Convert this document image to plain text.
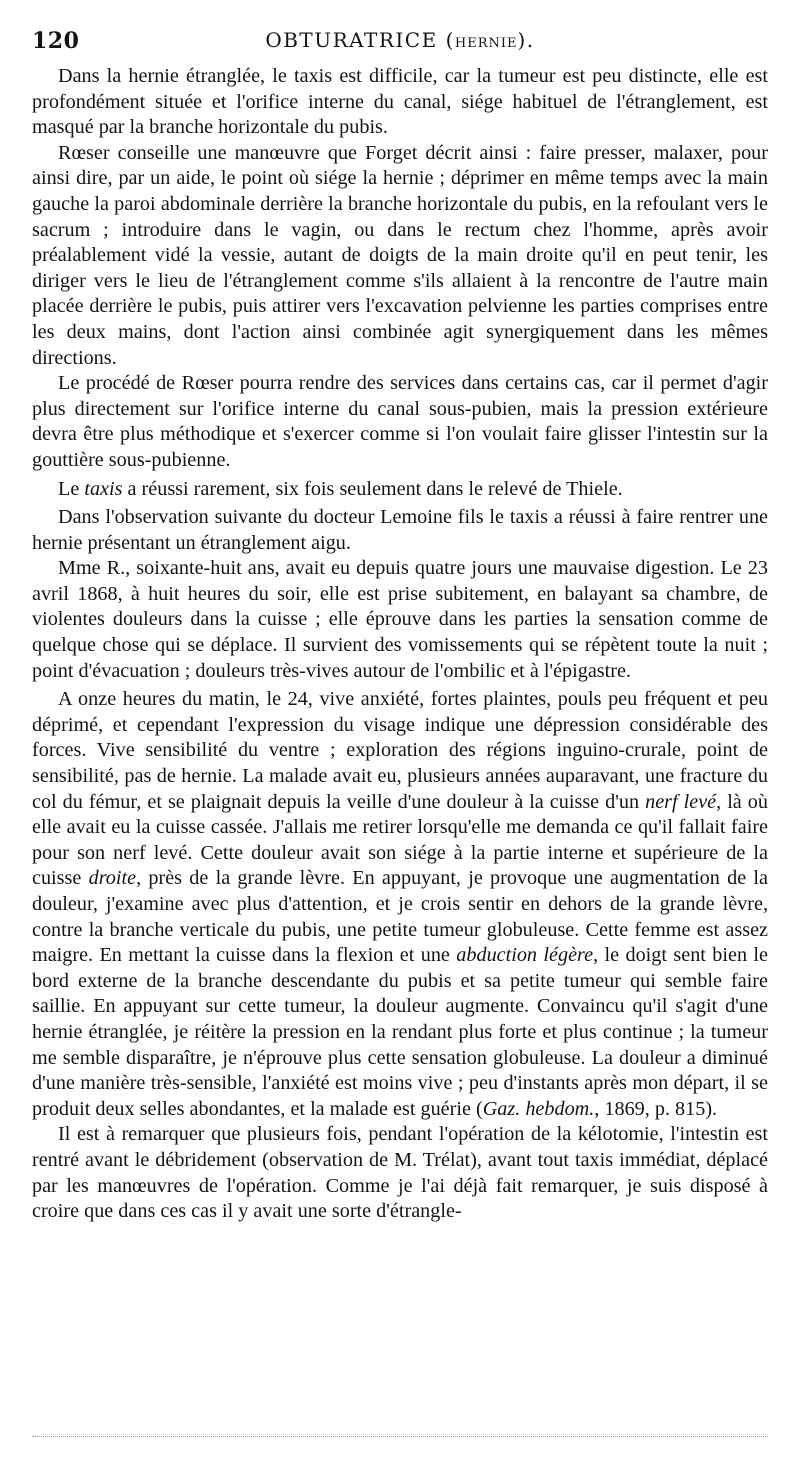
120	OBTURATRICE (HERNIE).

Dans la hernie étranglée, le taxis est difficile, car la tumeur est peu distincte, elle est profondément située et l'orifice interne du canal, siége habituel de l'étranglement, est masqué par la branche horizontale du pubis.

Rœser conseille une manœuvre que Forget décrit ainsi : faire presser, malaxer, pour ainsi dire, par un aide, le point où siége la hernie ; déprimer en même temps avec la main gauche la paroi abdominale derrière la branche horizontale du pubis, en la refoulant vers le sacrum ; introduire dans le vagin, ou dans le rectum chez l'homme, après avoir préalablement vidé la vessie, autant de doigts de la main droite qu'il en peut tenir, les diriger vers le lieu de l'étranglement comme s'ils allaient à la rencontre de l'autre main placée derrière le pubis, puis attirer vers l'excavation pelvienne les parties comprises entre les deux mains, dont l'action ainsi combinée agit synergiquement dans les mêmes directions.

Le procédé de Rœser pourra rendre des services dans certains cas, car il permet d'agir plus directement sur l'orifice interne du canal sous-pubien, mais la pression extérieure devra être plus méthodique et s'exercer comme si l'on voulait faire glisser l'intestin sur la gouttière sous-pubienne.

Le taxis a réussi rarement, six fois seulement dans le relevé de Thiele.

Dans l'observation suivante du docteur Lemoine fils le taxis a réussi à faire rentrer une hernie présentant un étranglement aigu.

Mme R., soixante-huit ans, avait eu depuis quatre jours une mauvaise digestion. Le 23 avril 1868, à huit heures du soir, elle est prise subitement, en balayant sa chambre, de violentes douleurs dans la cuisse ; elle éprouve dans les parties la sensation comme de quelque chose qui se déplace. Il survient des vomissements qui se répètent toute la nuit ; point d'évacuation ; douleurs très-vives autour de l'ombilic et à l'épigastre.

A onze heures du matin, le 24, vive anxiété, fortes plaintes, pouls peu fréquent et peu déprimé, et cependant l'expression du visage indique une dépression considérable des forces. Vive sensibilité du ventre ; exploration des régions inguino-crurale, point de sensibilité, pas de hernie. La malade avait eu, plusieurs années auparavant, une fracture du col du fémur, et se plaignait depuis la veille d'une douleur à la cuisse d'un nerf levé, là où elle avait eu la cuisse cassée. J'allais me retirer lorsqu'elle me demanda ce qu'il fallait faire pour son nerf levé. Cette douleur avait son siége à la partie interne et supérieure de la cuisse droite, près de la grande lèvre. En appuyant, je provoque une augmentation de la douleur, j'examine avec plus d'attention, et je crois sentir en dehors de la grande lèvre, contre la branche verticale du pubis, une petite tumeur globuleuse. Cette femme est assez maigre. En mettant la cuisse dans la flexion et une abduction légère, le doigt sent bien le bord externe de la branche descendante du pubis et sa petite tumeur qui semble faire saillie. En appuyant sur cette tumeur, la douleur augmente. Convaincu qu'il s'agit d'une hernie étranglée, je réitère la pression en la rendant plus forte et plus continue ; la tumeur me semble disparaître, je n'éprouve plus cette sensation globuleuse. La douleur a diminué d'une manière très-sensible, l'anxiété est moins vive ; peu d'instants après mon départ, il se produit deux selles abondantes, et la malade est guérie (Gaz. hebdom., 1869, p. 815).

Il est à remarquer que plusieurs fois, pendant l'opération de la kélotomie, l'intestin est rentré avant le débridement (observation de M. Trélat), avant tout taxis immédiat, déplacé par les manœuvres de l'opération. Comme je l'ai déjà fait remarquer, je suis disposé à croire que dans ces cas il y avait une sorte d'étrangle-
